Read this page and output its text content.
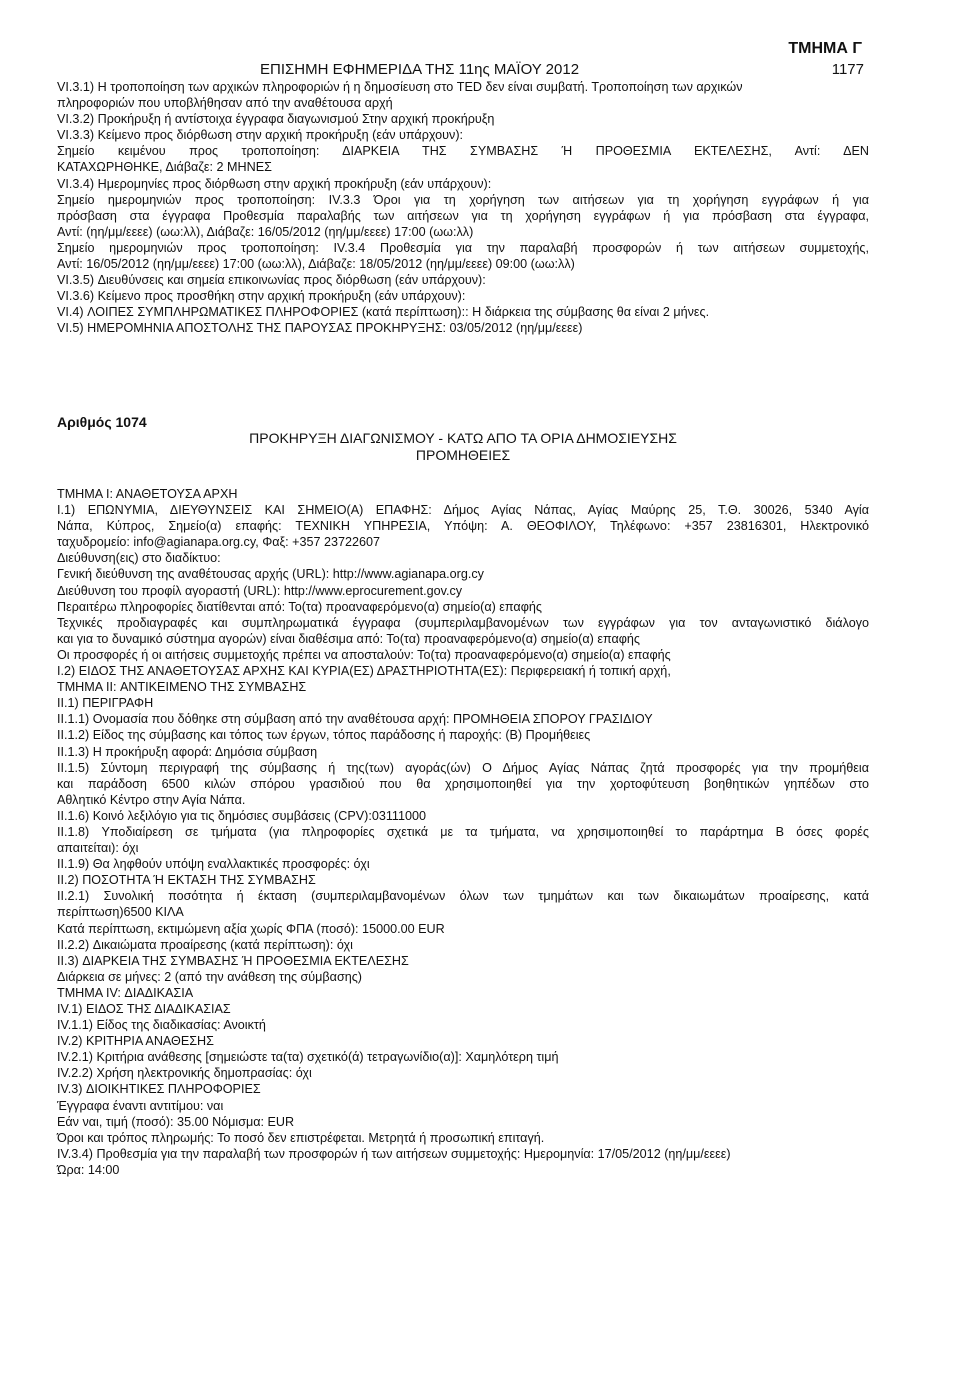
ΤΜΗΜΑ Γ
ΕΠΙΣΗΜΗ ΕΦΗΜΕΡΙΔΑ ΤΗΣ 11ης ΜΑΪΟΥ 2012	1177
VI.3.1) Η τροποποίηση των αρχικών πληροφοριών ή η δημοσίευση στο TED δεν είναι συμβατή. Τροποποίηση των αρχικών
πληροφοριών που υποβλήθησαν από την αναθέτουσα αρχή
VI.3.2) Προκήρυξη ή αντίστοιχα έγγραφα διαγωνισμού Στην αρχική προκήρυξη
VI.3.3) Κείμενο προς διόρθωση στην αρχική προκήρυξη (εάν υπάρχουν):
Σημείο κειμένου προς τροποποίηση: ΔΙΑΡΚΕΙΑ ΤΗΣ ΣΥΜΒΑΣΗΣ Ή ΠΡΟΘΕΣΜΙΑ ΕΚΤΕΛΕΣΗΣ, Αντί: ΔΕΝ
ΚΑΤΑΧΩΡΗΘΗΚΕ, Διάβαζε: 2 ΜΗΝΕΣ
VI.3.4) Ημερομηνίες προς διόρθωση στην αρχική προκήρυξη (εάν υπάρχουν):
Σημείο ημερομηνιών προς τροποποίηση: IV.3.3 Όροι για τη χορήγηση των αιτήσεων για τη χορήγηση εγγράφων ή για
πρόσβαση στα έγγραφα Προθεσμία παραλαβής των αιτήσεων για τη χορήγηση εγγράφων ή για πρόσβαση στα έγγραφα,
Αντί: (ηη/μμ/εεεε) (ωω:λλ), Διάβαζε: 16/05/2012 (ηη/μμ/εεεε) 17:00 (ωω:λλ)
Σημείο ημερομηνιών προς τροποποίηση: IV.3.4 Προθεσμία για την παραλαβή προσφορών ή των αιτήσεων συμμετοχής,
Αντί: 16/05/2012 (ηη/μμ/εεεε) 17:00 (ωω:λλ), Διάβαζε: 18/05/2012 (ηη/μμ/εεεε) 09:00 (ωω:λλ)
VI.3.5) Διευθύνσεις και σημεία επικοινωνίας προς διόρθωση (εάν υπάρχουν):
VI.3.6) Κείμενο προς προσθήκη στην αρχική προκήρυξη (εάν υπάρχουν):
VI.4) ΛΟΙΠΕΣ ΣΥΜΠΛΗΡΩΜΑΤΙΚΕΣ ΠΛΗΡΟΦΟΡΙΕΣ (κατά περίπτωση):: Η διάρκεια της σύμβασης θα είναι 2 μήνες.
VI.5) ΗΜΕΡΟΜΗΝΙΑ ΑΠΟΣΤΟΛΗΣ ΤΗΣ ΠΑΡΟΥΣΑΣ ΠΡΟΚΗΡΥΞΗΣ: 03/05/2012 (ηη/μμ/εεεε)
Αριθμός 1074
ΠΡΟΚΗΡΥΞΗ ΔΙΑΓΩΝΙΣΜΟΥ - ΚΑΤΩ ΑΠΟ ΤΑ ΟΡΙΑ ΔΗΜΟΣΙΕΥΣΗΣ
ΠΡΟΜΗΘΕΙΕΣ
ΤΜΗΜΑ Ι: ΑΝΑΘΕΤΟΥΣΑ ΑΡΧΗ
I.1) ΕΠΩΝΥΜΙΑ, ΔΙΕΥΘΥΝΣΕΙΣ ΚΑΙ ΣΗΜΕΙΟ(Α) ΕΠΑΦΗΣ: Δήμος Αγίας Νάπας, Αγίας Μαύρης 25, Τ.Θ. 30026, 5340 Αγία
Νάπα, Κύπρος, Σημείο(α) επαφής: ΤΕΧΝΙΚΗ ΥΠΗΡΕΣΙΑ, Υπόψη: Α. ΘΕΟΦΙΛΟΥ, Τηλέφωνο: +357 23816301, Ηλεκτρονικό
ταχυδρομείο: info@agianapa.org.cy, Φαξ: +357 23722607
Διεύθυνση(εις) στο διαδίκτυο:
Γενική διεύθυνση της αναθέτουσας αρχής (URL): http://www.agianapa.org.cy
Διεύθυνση του προφίλ αγοραστή (URL): http://www.eprocurement.gov.cy
Περαιτέρω πληροφορίες διατίθενται από: Το(τα) προαναφερόμενο(α) σημείο(α) επαφής
Τεχνικές προδιαγραφές και συμπληρωματικά έγγραφα (συμπεριλαμβανομένων των εγγράφων για τον ανταγωνιστικό διάλογο
και για το δυναμικό σύστημα αγορών) είναι διαθέσιμα από: Το(τα) προαναφερόμενο(α) σημείο(α) επαφής
Οι προσφορές ή οι αιτήσεις συμμετοχής πρέπει να αποσταλούν: Το(τα) προαναφερόμενο(α) σημείο(α) επαφής
I.2) ΕΙΔΟΣ ΤΗΣ ΑΝΑΘΕΤΟΥΣΑΣ ΑΡΧΗΣ ΚΑΙ ΚΥΡΙΑ(ΕΣ) ΔΡΑΣΤΗΡΙΟΤΗΤΑ(ΕΣ): Περιφερειακή ή τοπική αρχή,
ΤΜΗΜΑ II: ΑΝΤΙΚΕΙΜΕΝΟ ΤΗΣ ΣΥΜΒΑΣΗΣ
II.1) ΠΕΡΙΓΡΑΦΗ
II.1.1) Ονομασία που δόθηκε στη σύμβαση από την αναθέτουσα αρχή: ΠΡΟΜΗΘΕΙΑ ΣΠΟΡΟΥ ΓΡΑΣΙΔΙΟΥ
II.1.2) Είδος της σύμβασης και τόπος των έργων, τόπος παράδοσης ή παροχής: (Β) Προμήθειες
II.1.3) Η προκήρυξη αφορά: Δημόσια σύμβαση
II.1.5) Σύντομη περιγραφή της σύμβασης ή της(των) αγοράς(ών) Ο Δήμος Αγίας Νάπας ζητά προσφορές για την προμήθεια
και παράδοση 6500 κιλών σπόρου γρασιδιού που θα χρησιμοποιηθεί για την χορτοφύτευση βοηθητικών γηπέδων στο
Αθλητικό Κέντρο στην Αγία Νάπα.
II.1.6) Κοινό λεξιλόγιο για τις δημόσιες συμβάσεις (CPV):03111000
II.1.8) Υποδιαίρεση σε τμήματα (για πληροφορίες σχετικά με τα τμήματα, να χρησιμοποιηθεί το παράρτημα Β όσες φορές
απαιτείται): όχι
II.1.9) Θα ληφθούν υπόψη εναλλακτικές προσφορές: όχι
II.2) ΠΟΣΟΤΗΤΑ Ή ΕΚΤΑΣΗ ΤΗΣ ΣΥΜΒΑΣΗΣ
II.2.1) Συνολική ποσότητα ή έκταση (συμπεριλαμβανομένων όλων των τμημάτων και των δικαιωμάτων προαίρεσης, κατά
περίπτωση)6500 ΚΙΛΑ
Κατά περίπτωση, εκτιμώμενη αξία χωρίς ΦΠΑ (ποσό): 15000.00 EUR
II.2.2) Δικαιώματα προαίρεσης (κατά περίπτωση): όχι
II.3) ΔΙΑΡΚΕΙΑ ΤΗΣ ΣΥΜΒΑΣΗΣ Ή ΠΡΟΘΕΣΜΙΑ ΕΚΤΕΛΕΣΗΣ
Διάρκεια σε μήνες: 2 (από την ανάθεση της σύμβασης)
ΤΜΗΜΑ IV: ΔΙΑΔΙΚΑΣΙΑ
IV.1) ΕΙΔΟΣ ΤΗΣ ΔΙΑΔΙΚΑΣΙΑΣ
IV.1.1) Είδος της διαδικασίας: Ανοικτή
IV.2) ΚΡΙΤΗΡΙΑ ΑΝΑΘΕΣΗΣ
IV.2.1) Κριτήρια ανάθεσης [σημειώστε τα(τα) σχετικό(ά) τετραγωνίδιο(α)]: Χαμηλότερη τιμή
IV.2.2) Χρήση ηλεκτρονικής δημοπρασίας: όχι
IV.3) ΔΙΟΙΚΗΤΙΚΕΣ ΠΛΗΡΟΦΟΡΙΕΣ
Έγγραφα έναντι αντιτίμου: ναι
Εάν ναι, τιμή (ποσό): 35.00 Νόμισμα: EUR
Όροι και τρόπος πληρωμής: Το ποσό δεν επιστρέφεται. Μετρητά ή προσωπική επιταγή.
IV.3.4) Προθεσμία για την παραλαβή των προσφορών ή των αιτήσεων συμμετοχής: Ημερομηνία: 17/05/2012 (ηη/μμ/εεεε)
Ώρα: 14:00
